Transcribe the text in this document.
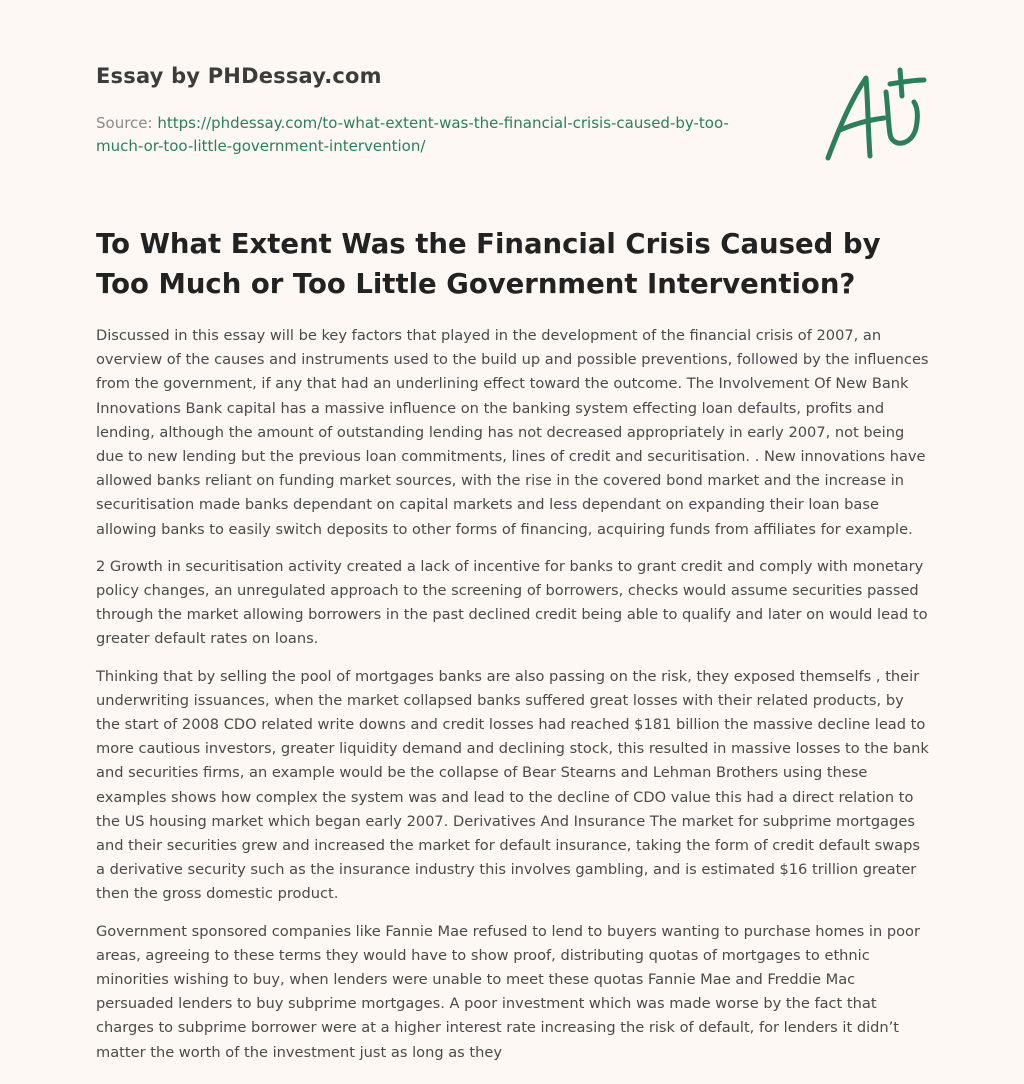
Essay by PHDessay.com
Source: https://phdessay.com/to-what-extent-was-the-financial-crisis-caused-by-too-much-or-too-little-government-intervention/
To What Extent Was the Financial Crisis Caused by Too Much or Too Little Government Intervention?

Discussed in this essay will be key factors that played in the development of the financial crisis of 2007, an overview of the causes and instruments used to the build up and possible preventions, followed by the influences from the government, if any that had an underlining effect toward the outcome. The Involvement Of New Bank Innovations Bank capital has a massive influence on the banking system effecting loan defaults, profits and lending, although the amount of outstanding lending has not decreased appropriately in early 2007, not being due to new lending but the previous loan commitments, lines of credit and securitisation. . New innovations have allowed banks reliant on funding market sources, with the rise in the covered bond market and the increase in securitisation made banks dependant on capital markets and less dependant on expanding their loan base allowing banks to easily switch deposits to other forms of financing, acquiring funds from affiliates for example.

2 Growth in securitisation activity created a lack of incentive for banks to grant credit and comply with monetary policy changes, an unregulated approach to the screening of borrowers, checks would assume securities passed through the market allowing borrowers in the past declined credit being able to qualify and later on would lead to greater default rates on loans.

Thinking that by selling the pool of mortgages banks are also passing on the risk, they exposed themselfs , their underwriting issuances, when the market collapsed banks suffered great losses with their related products, by the start of 2008 CDO related write downs and credit losses had reached $181 billion the massive decline lead to more cautious investors, greater liquidity demand and declining stock, this resulted in massive losses to the bank and securities firms, an example would be the collapse of Bear Stearns and Lehman Brothers using these examples shows how complex the system was and lead to the decline of CDO value this had a direct relation to the US housing market which began early 2007. Derivatives And Insurance The market for subprime mortgages and their securities grew and increased the market for default insurance, taking the form of credit default swaps a derivative security such as the insurance industry this involves gambling, and is estimated $16 trillion greater then the gross domestic product.

Government sponsored companies like Fannie Mae refused to lend to buyers wanting to purchase homes in poor areas, agreeing to these terms they would have to show proof, distributing quotas of mortgages to ethnic minorities wishing to buy, when lenders were unable to meet these quotas Fannie Mae and Freddie Mac persuaded lenders to buy subprime mortgages. A poor investment which was made worse by the fact that charges to subprime borrower were at a higher interest rate increasing the risk of default, for lenders it didn’t matter the worth of the investment just as long as they
